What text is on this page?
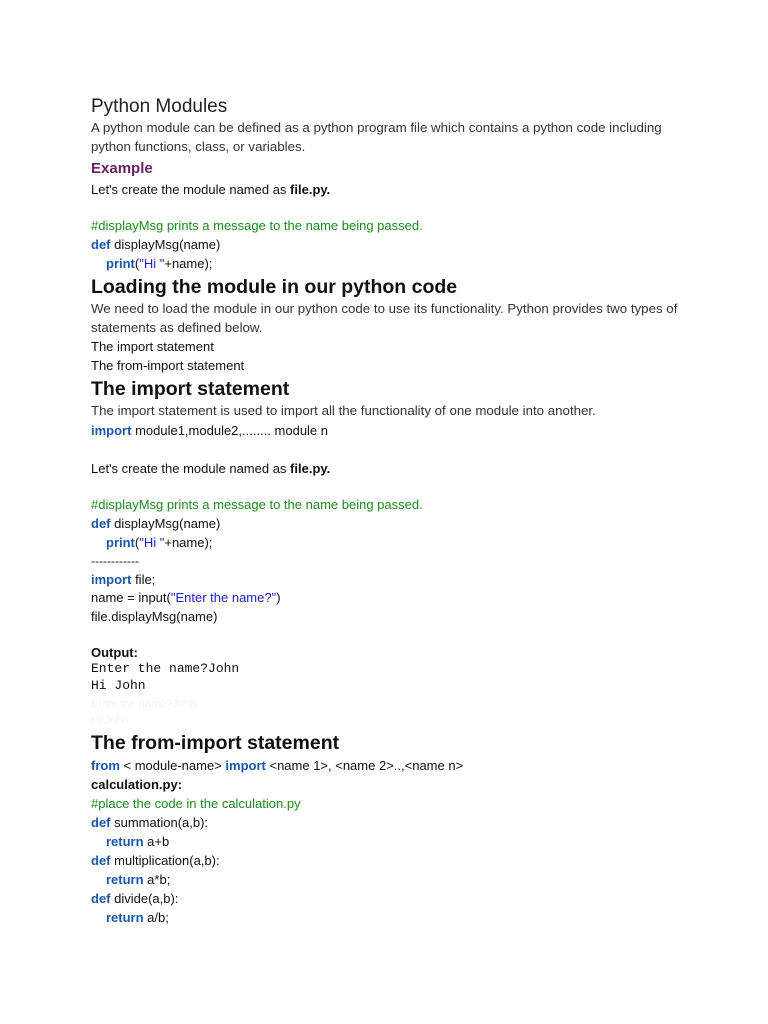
Python Modules
A python module can be defined as a python program file which contains a python code including python functions, class, or variables.
Example
Let's create the module named as file.py.
#displayMsg prints a message to the name being passed.
def displayMsg(name)
print("Hi "+name);
Loading the module in our python code
We need to load the module in our python code to use its functionality. Python provides two types of statements as defined below.
The import statement
The from-import statement
The import statement
The import statement is used to import all the functionality of one module into another.
import module1,module2,........ module n
Let's create the module named as file.py.
#displayMsg prints a message to the name being passed.
def displayMsg(name)
print("Hi "+name);
------------
import file;
name = input("Enter the name?")
file.displayMsg(name)
Output:
Enter the name?John
Hi John
Enter the name?John
Hi John
The from-import statement
from < module-name> import <name 1>, <name 2>..,<name n>
calculation.py:
#place the code in the calculation.py
def summation(a,b):
return a+b
def multiplication(a,b):
return a*b;
def divide(a,b):
return a/b;
